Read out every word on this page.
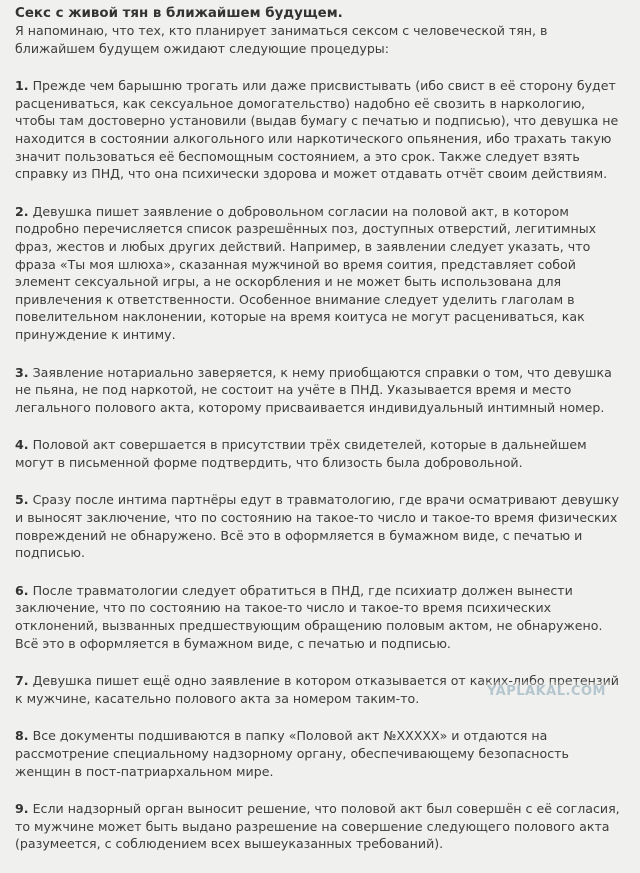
Секс с живой тян в ближайшем будущем.

Я напоминаю, что тех, кто планирует заниматься сексом с человеческой тян, в ближайшем будущем ожидают следующие процедуры:

1. Прежде чем барышню трогать или даже присвистывать (ибо свист в её сторону будет расцениваться, как сексуальное домогательство) надобно её свозить в наркологию, чтобы там достоверно установили (выдав бумагу с печатью и подписью), что девушка не находится в состоянии алкогольного или наркотического опьянения, ибо трахать такую значит пользоваться её беспомощным состоянием, а это срок. Также следует взять справку из ПНД, что она психически здорова и может отдавать отчёт своим действиям.

2. Девушка пишет заявление о добровольном согласии на половой акт, в котором подробно перечисляется список разрешённых поз, доступных отверстий, легитимных фраз, жестов и любых других действий. Например, в заявлении следует указать, что фраза «Ты моя шлюха», сказанная мужчиной во время соития, представляет собой элемент сексуальной игры, а не оскорбления и не может быть использована для привлечения к ответственности. Особенное внимание следует уделить глаголам в повелительном наклонении, которые на время коитуса не могут расцениваться, как принуждение к интиму.

3. Заявление нотариально заверяется, к нему приобщаются справки о том, что девушка не пьяна, не под наркотой, не состоит на учёте в ПНД. Указывается время и место легального полового акта, которому присваивается индивидуальный интимный номер.

4. Половой акт совершается в присутствии трёх свидетелей, которые в дальнейшем могут в письменной форме подтвердить, что близость была добровольной.

5. Сразу после интима партнёры едут в травматологию, где врачи осматривают девушку и выносят заключение, что по состоянию на такое-то число и такое-то время физических повреждений не обнаружено. Всё это в оформляется в бумажном виде, с печатью и подписью.

6. После травматологии следует обратиться в ПНД, где психиатр должен вынести заключение, что по состоянию на такое-то число и такое-то время психических отклонений, вызванных предшествующим обращению половым актом, не обнаружено. Всё это в оформляется в бумажном виде, с печатью и подписью.

7. Девушка пишет ещё одно заявление в котором отказывается от каких-либо претензий к мужчине, касательно полового акта за номером таким-то.

8. Все документы подшиваются в папку «Половой акт №XXXXX» и отдаются на рассмотрение специальному надзорному органу, обеспечивающему безопасность женщин в пост-патриархальном мире.

9. Если надзорный орган выносит решение, что половой акт был совершён с её согласия, то мужчине может быть выдано разрешение на совершение следующего полового акта (разумеется, с соблюдением всех вышеуказанных требований).

YAPLAKAL.COM
